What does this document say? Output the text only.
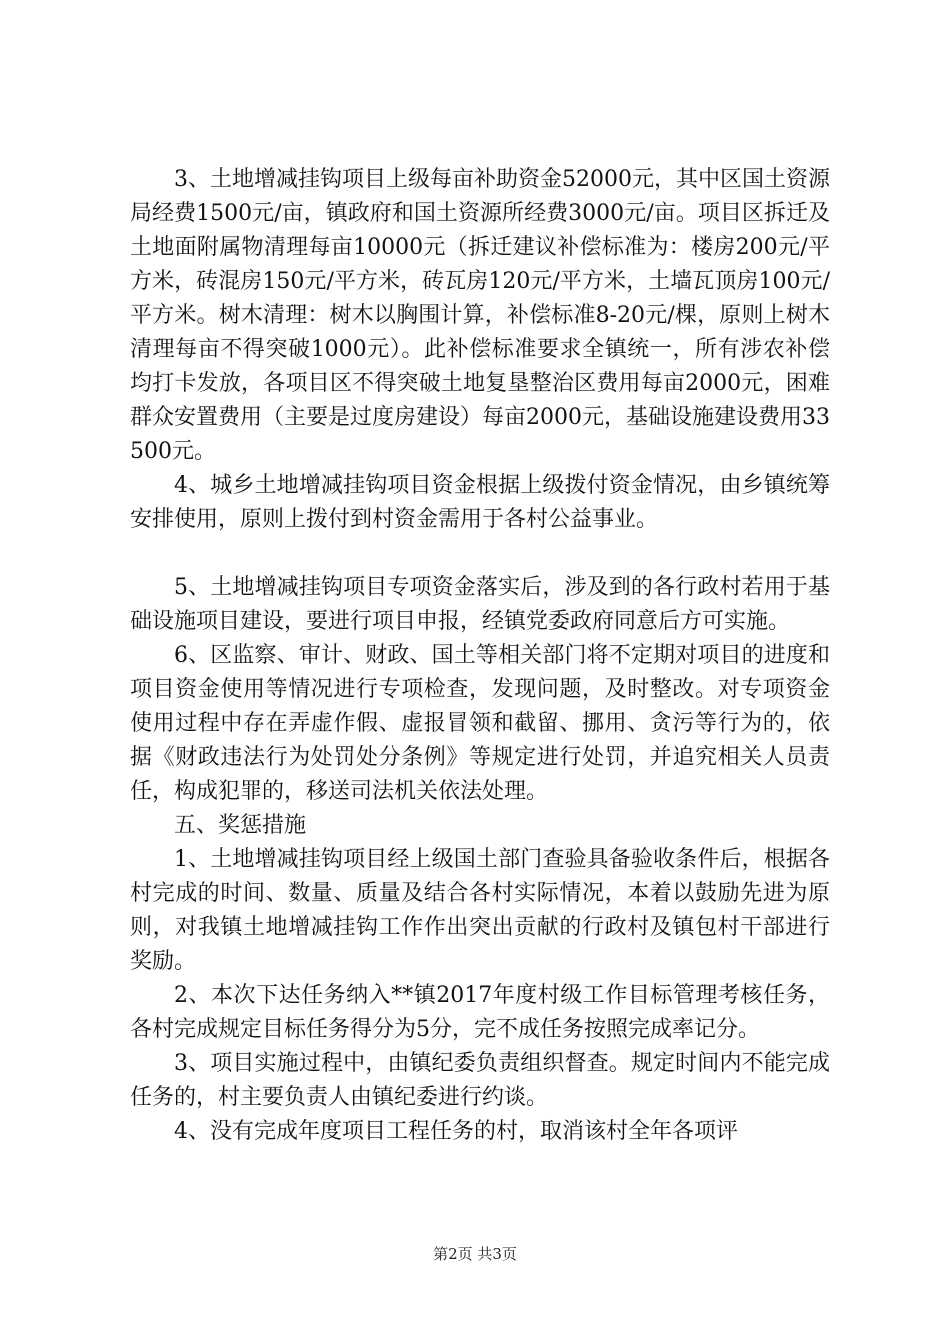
3、土地增减挂钩项目上级每亩补助资金52000元，其中区国土资源局经费1500元/亩，镇政府和国土资源所经费3000元/亩。项目区拆迁及土地面附属物清理每亩10000元（拆迁建议补偿标准为：楼房200元/平方米，砖混房150元/平方米，砖瓦房120元/平方米，土墙瓦顶房100元/平方米。树木清理：树木以胸围计算，补偿标准8-20元/棵，原则上树木清理每亩不得突破1000元）。此补偿标准要求全镇统一，所有涉农补偿均打卡发放，各项目区不得突破土地复垦整治区费用每亩2000元，困难群众安置费用（主要是过度房建设）每亩2000元，基础设施建设费用33500元。

4、城乡土地增减挂钩项目资金根据上级拨付资金情况，由乡镇统筹安排使用，原则上拨付到村资金需用于各村公益事业。

5、土地增减挂钩项目专项资金落实后，涉及到的各行政村若用于基础设施项目建设，要进行项目申报，经镇党委政府同意后方可实施。

6、区监察、审计、财政、国土等相关部门将不定期对项目的进度和项目资金使用等情况进行专项检查，发现问题，及时整改。对专项资金使用过程中存在弄虚作假、虚报冒领和截留、挪用、贪污等行为的，依据《财政违法行为处罚处分条例》等规定进行处罚，并追究相关人员责任，构成犯罪的，移送司法机关依法处理。

五、奖惩措施

1、土地增减挂钩项目经上级国土部门查验具备验收条件后，根据各村完成的时间、数量、质量及结合各村实际情况，本着以鼓励先进为原则，对我镇土地增减挂钩工作作出突出贡献的行政村及镇包村干部进行奖励。

2、本次下达任务纳入**镇2017年度村级工作目标管理考核任务，各村完成规定目标任务得分为5分，完不成任务按照完成率记分。

3、项目实施过程中，由镇纪委负责组织督查。规定时间内不能完成任务的，村主要负责人由镇纪委进行约谈。

4、没有完成年度项目工程任务的村，取消该村全年各项评

第2页 共3页
